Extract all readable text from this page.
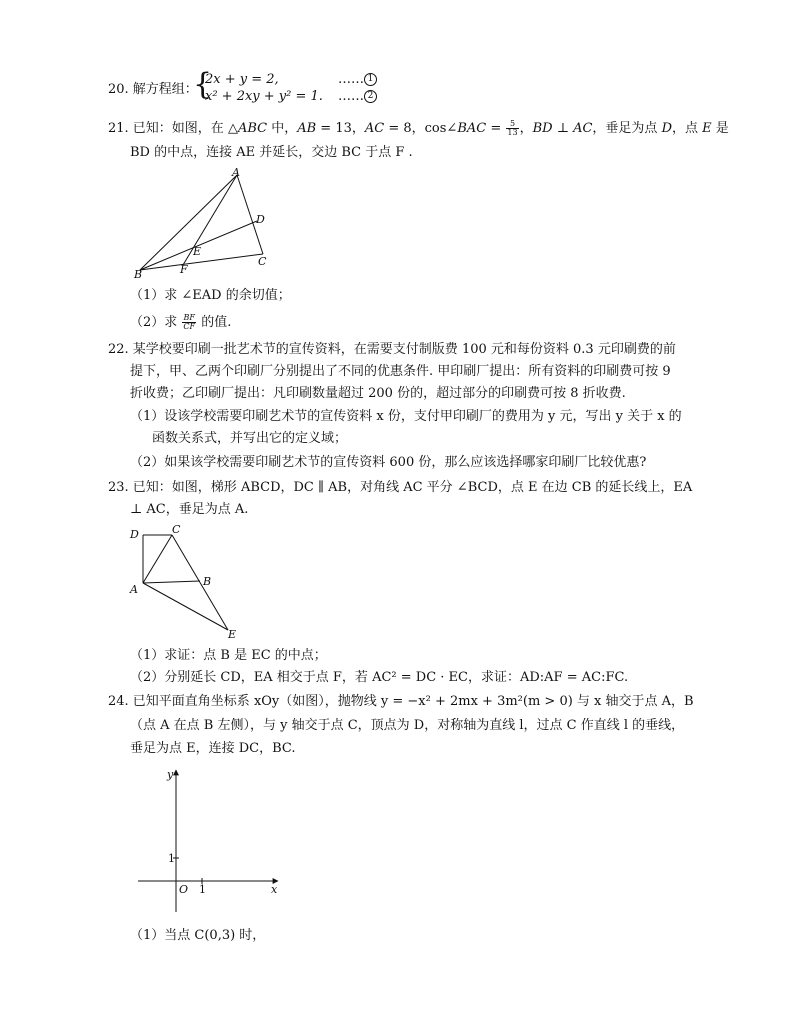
20. 解方程组：
{
2x + y = 2,
x² + 2xy + y² = 1.
…… 1
…… 2
21. 已知：如图，在 △ABC 中，AB = 13，AC = 8，cos∠BAC = $\frac{5}{13}$ ，BD ⊥ AC，垂足为点 D，点 E 是
BD 的中点，连接 AE 并延长，交边 BC 于点 F .
A
B
C
D
E
F
（1）求 ∠EAD 的余切值；
（2）求 $\frac{BF}{CF}$ 的值.
22. 某学校要印刷一批艺术节的宣传资料，在需要支付制版费 100 元和每份资料 0.3 元印刷费的前
提下，甲、乙两个印刷厂分别提出了不同的优惠条件. 甲印刷厂提出：所有资料的印刷费可按 9
折收费；乙印刷厂提出：凡印刷数量超过 200 份的，超过部分的印刷费可按 8 折收费.
（1）设该学校需要印刷艺术节的宣传资料 x 份，支付甲印刷厂的费用为 y 元，写出 y 关于 x 的
函数关系式，并写出它的定义域；
（2）如果该学校需要印刷艺术节的宣传资料 600 份，那么应该选择哪家印刷厂比较优惠?
23. 已知：如图，梯形 ABCD，DC ∥ AB，对角线 AC 平分 ∠BCD，点 E 在边 CB 的延长线上，EA
⊥ AC，垂足为点 A.
D	C
A
B
E
（1）求证：点 B 是 EC 的中点；
（2）分别延长 CD，EA 相交于点 F，若 AC² = DC · EC，求证：AD:AF = AC:FC.
24. 已知平面直角坐标系 xOy（如图），抛物线 y = −x² + 2mx + 3m²(m > 0) 与 x 轴交于点 A，B
（点 A 在点 B 左侧），与 y 轴交于点 C，顶点为 D，对称轴为直线 l，过点 C 作直线 l 的垂线，
垂足为点 E，连接 DC，BC.
y
x
O 1
1
（1）当点 C(0,3) 时，
